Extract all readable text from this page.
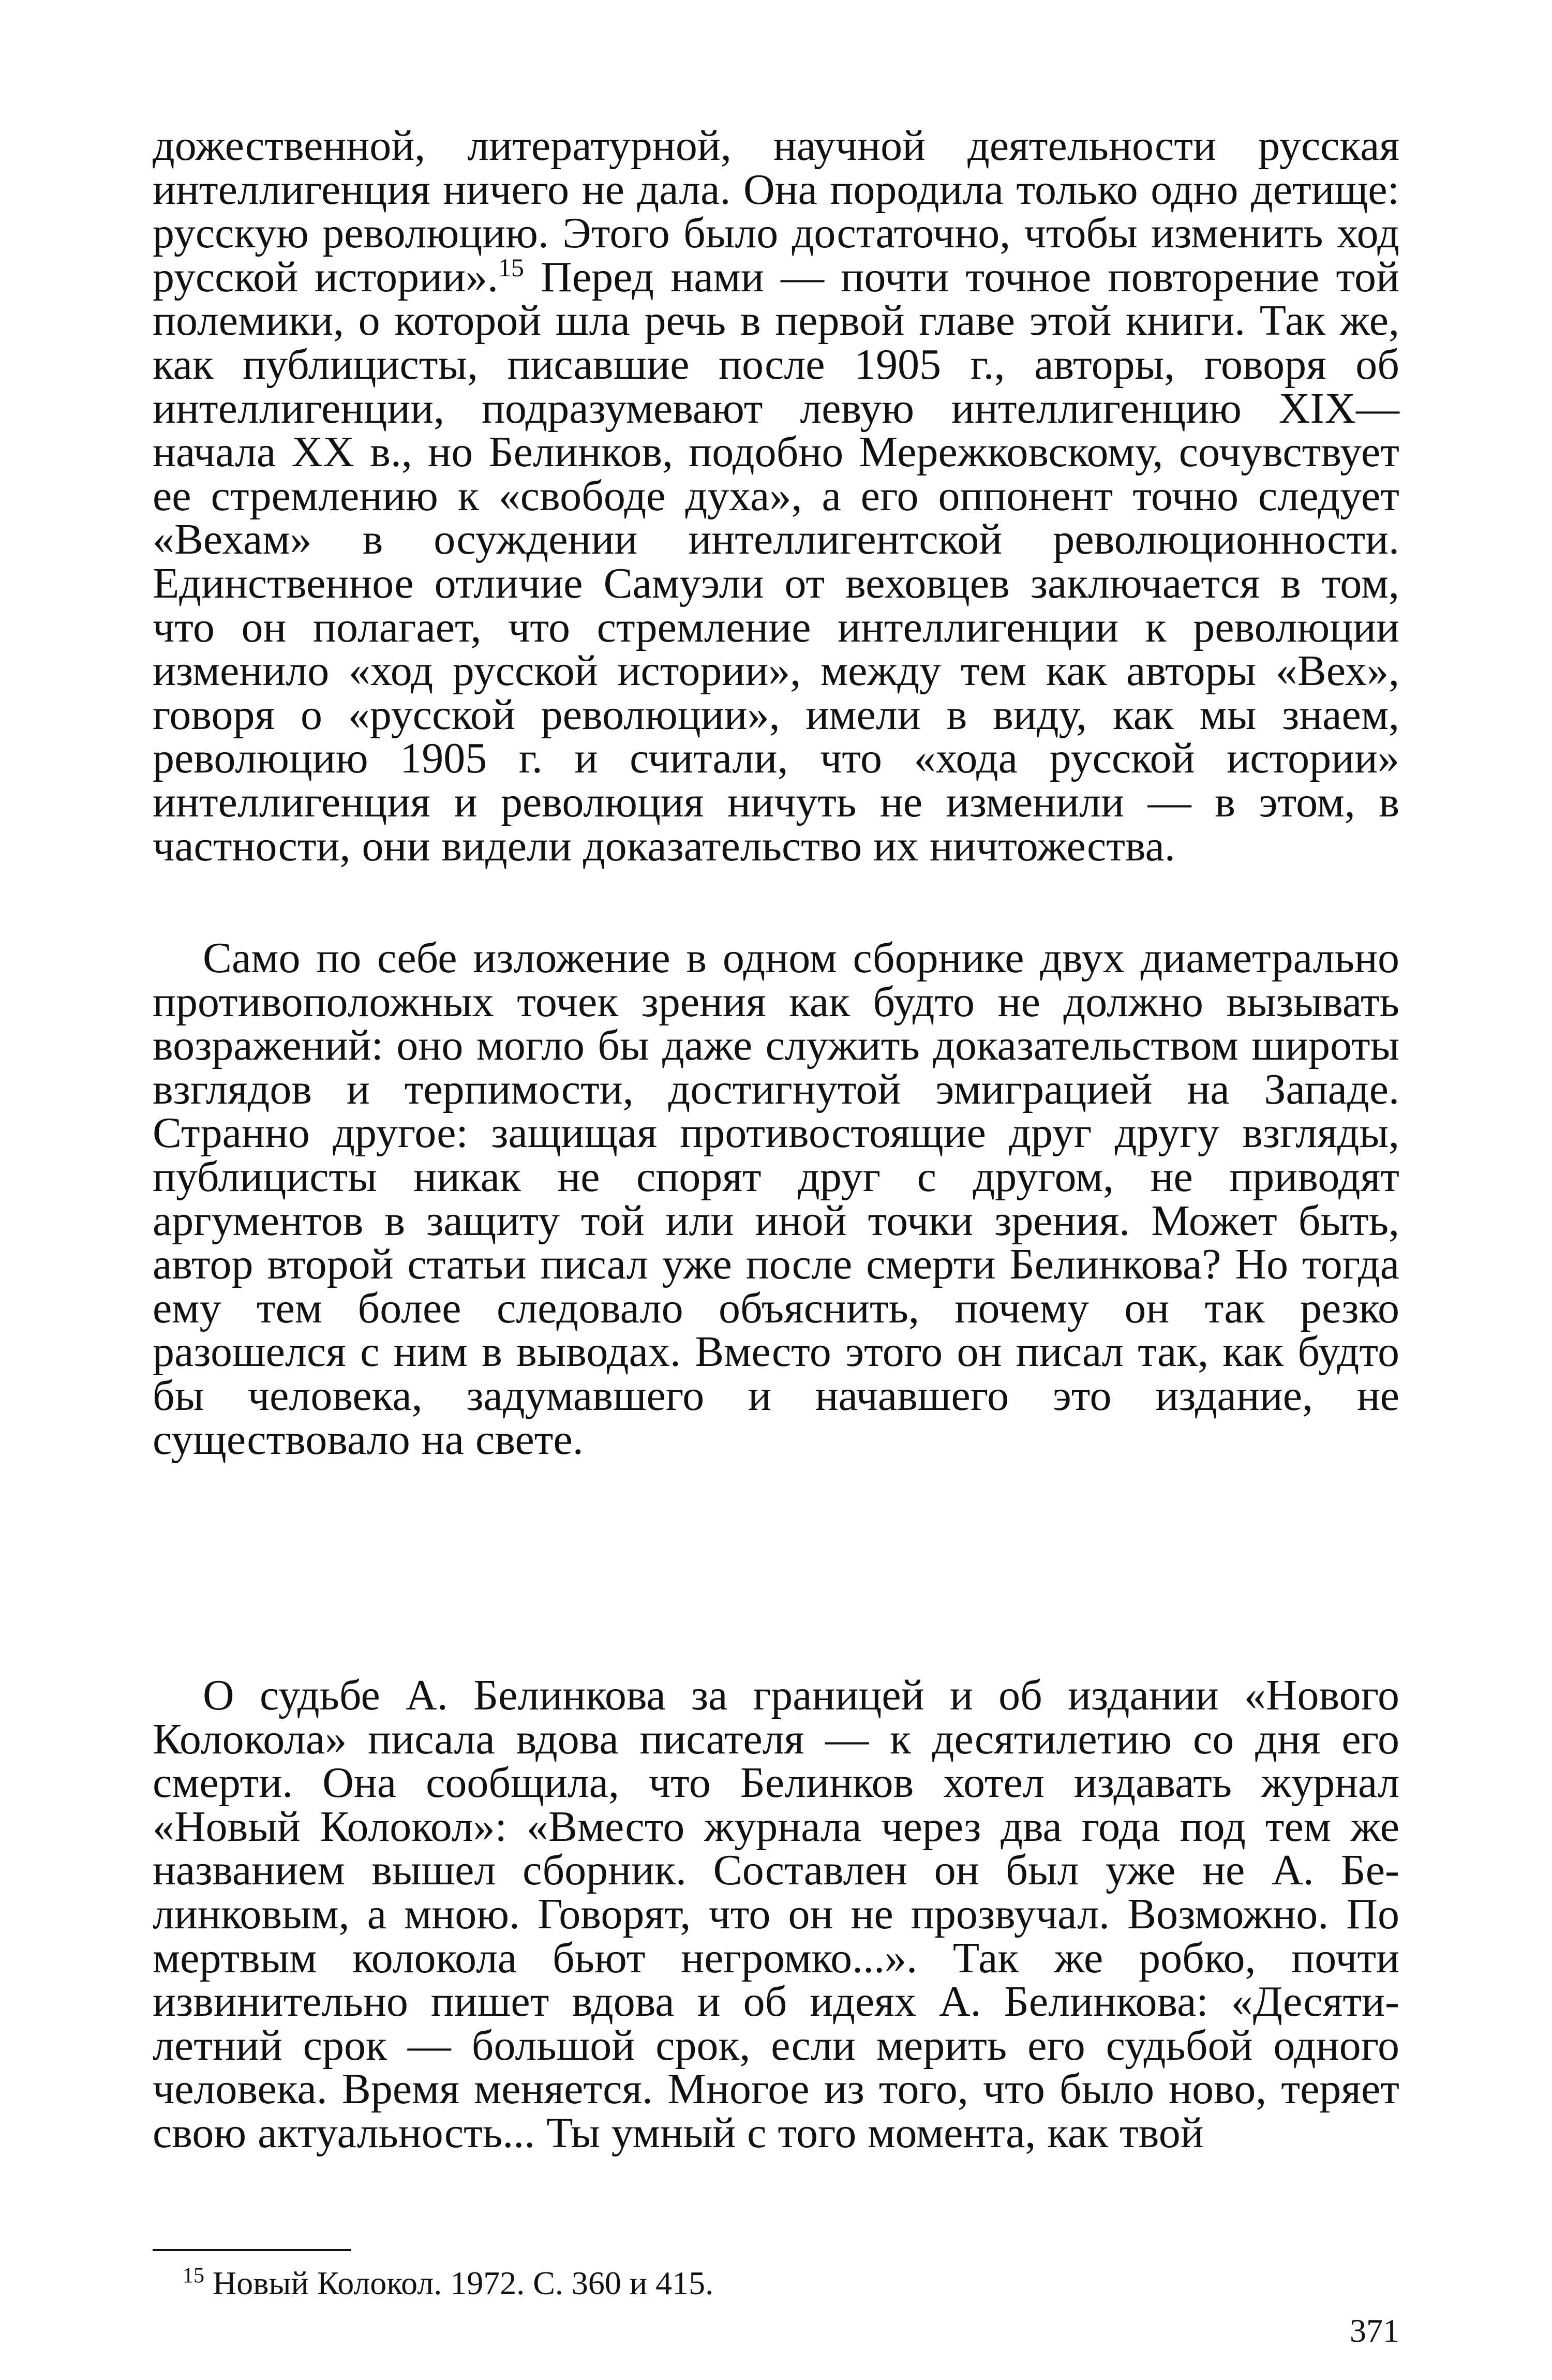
дожественной, литературной, научной деятельности русская интеллигенция ничего не дала. Она породила только одно детище: русскую революцию. Этого было достаточно, чтобы изменить ход русской истории».$^{15}$ Перед нами — почти точное повторение той полемики, о которой шла речь в первой главе этой книги. Так же, как публицисты, писавшие после 1905 г., авторы, говоря об интеллигенции, подразумевают левую интеллигенцию XIX—начала XX в., но Белинков, подобно Мережковскому, сочувствует ее стремлению к «свободе духа», а его оппонент точно следует «Вехам» в осуждении интеллигентской революционности. Единственное отличие Самуэли от веховцев заключается в том, что он полагает, что стремление интеллигенции к революции изменило «ход русской истории», между тем как авторы «Вех», говоря о «русской революции», имели в виду, как мы знаем, революцию 1905 г. и считали, что «хода русской истории» интеллигенция и революция ничуть не изменили — в этом, в частности, они видели доказательство их ничтожества.

Само по себе изложение в одном сборнике двух диаметрально противоположных точек зрения как будто не должно вызывать возражений: оно могло бы даже служить доказательством широты взглядов и терпимости, достигнутой эмиграцией на Западе. Странно другое: защищая противостоящие друг другу взгляды, публицисты никак не спорят друг с другом, не приводят аргументов в защиту той или иной точки зрения. Может быть, автор второй статьи писал уже после смерти Белинкова? Но тогда ему тем более следовало объяснить, почему он так резко разошелся с ним в выводах. Вместо этого он писал так, как будто бы человека, задумавшего и начавшего это издание, не существовало на свете.

О судьбе А. Белинкова за границей и об издании «Нового Колокола» писала вдова писателя — к десятилетию со дня его смерти. Она сообщила, что Белинков хотел издавать журнал «Новый Колокол»: «Вместо журнала через два года под тем же названием вышел сборник. Составлен он был уже не А. Белинковым, а мною. Говорят, что он не прозвучал. Возможно. По мертвым колокола бьют негромко...». Так же робко, почти извинительно пишет вдова и об идеях А. Белинкова: «Десятилетний срок — большой срок, если мерить его судьбой одного человека. Время меняется. Многое из того, что было ново, теряет свою актуальность... Ты умный с того момента, как твой

$^{15}$ Новый Колокол. 1972. С. 360 и 415.

371
